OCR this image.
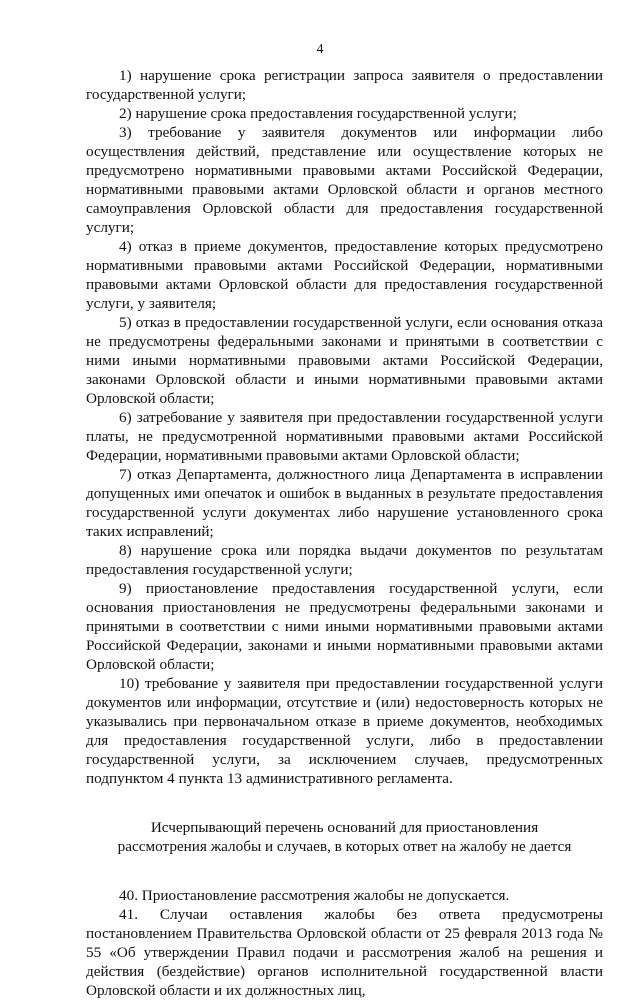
4

1) нарушение срока регистрации запроса заявителя о предоставлении государственной услуги;

2) нарушение срока предоставления государственной услуги;

3) требование у заявителя документов или информации либо осуществления действий, представление или осуществление которых не предусмотрено нормативными правовыми актами Российской Федерации, нормативными правовыми актами Орловской области и органов местного самоуправления Орловской области для предоставления государственной услуги;

4) отказ в приеме документов, предоставление которых предусмотрено нормативными правовыми актами Российской Федерации, нормативными правовыми актами Орловской области для предоставления государственной услуги, у заявителя;

5) отказ в предоставлении государственной услуги, если основания отказа не предусмотрены федеральными законами и принятыми в соответствии с ними иными нормативными правовыми актами Российской Федерации, законами Орловской области и иными нормативными правовыми актами Орловской области;

6) затребование у заявителя при предоставлении государственной услуги платы, не предусмотренной нормативными правовыми актами Российской Федерации, нормативными правовыми актами Орловской области;

7) отказ Департамента, должностного лица Департамента в исправлении допущенных ими опечаток и ошибок в выданных в результате предоставления государственной услуги документах либо нарушение установленного срока таких исправлений;

8) нарушение срока или порядка выдачи документов по результатам предоставления государственной услуги;

9) приостановление предоставления государственной услуги, если основания приостановления не предусмотрены федеральными законами и принятыми в соответствии с ними иными нормативными правовыми актами Российской Федерации, законами и иными нормативными правовыми актами Орловской области;

10) требование у заявителя при предоставлении государственной услуги документов или информации, отсутствие и (или) недостоверность которых не указывались при первоначальном отказе в приеме документов, необходимых для предоставления государственной услуги, либо в предоставлении государственной услуги, за исключением случаев, предусмотренных подпунктом 4 пункта 13 административного регламента.

Исчерпывающий перечень оснований для приостановления
рассмотрения жалобы и случаев, в которых ответ на жалобу не дается

40. Приостановление рассмотрения жалобы не допускается.

41. Случаи оставления жалобы без ответа предусмотрены постановлением Правительства Орловской области от 25 февраля 2013 года № 55 «Об утверждении Правил подачи и рассмотрения жалоб на решения и действия (бездействие) органов исполнительной государственной власти Орловской области и их должностных лиц,
